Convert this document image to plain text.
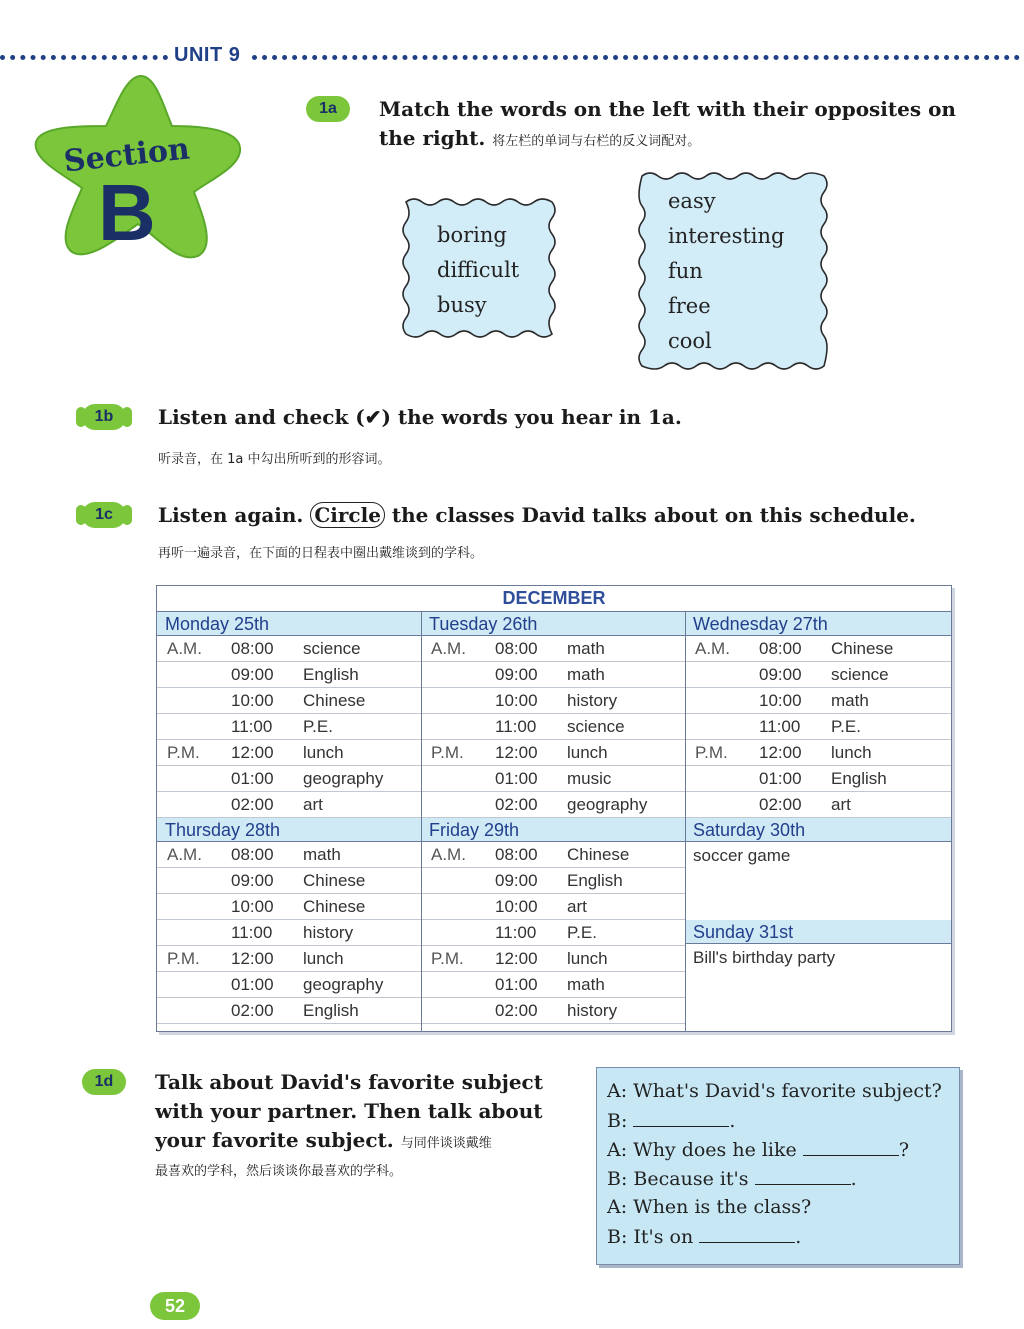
UNIT 9
Section
B
1a	Match the words on the left with their opposites on
the right. 将左栏的单词与右栏的反义词配对。
boring
difficult
busy
easy
interesting
fun
free
cool
1b	Listen and check (✔) the words you hear in 1a.
听录音，在 1a 中勾出所听到的形容词。
1c	Listen again. Circle the classes David talks about on this schedule.
再听一遍录音，在下面的日程表中圈出戴维谈到的学科。
DECEMBER
Monday 25th
A.M. 08:00 science
09:00 English
10:00 Chinese
11:00 P.E.
P.M. 12:00 lunch
01:00 geography
02:00 art
Tuesday 26th
A.M. 08:00 math
09:00 math
10:00 history
11:00 science
P.M. 12:00 lunch
01:00 music
02:00 geography
Wednesday 27th
A.M. 08:00 Chinese
09:00 science
10:00 math
11:00 P.E.
P.M. 12:00 lunch
01:00 English
02:00 art
Thursday 28th
A.M. 08:00 math
09:00 Chinese
10:00 Chinese
11:00 history
P.M. 12:00 lunch
01:00 geography
02:00 English
Friday 29th
A.M. 08:00 Chinese
09:00 English
10:00 art
11:00 P.E.
P.M. 12:00 lunch
01:00 math
02:00 history
Saturday 30th
soccer game
Sunday 31st
Bill's birthday party
1d	Talk about David's favorite subject
with your partner. Then talk about
your favorite subject. 与同伴谈谈戴维
最喜欢的学科，然后谈谈你最喜欢的学科。
A: What's David's favorite subject?
B:	.
A: Why does he like	?
B: Because it's	.
A: When is the class?
B: It's on	.
52
